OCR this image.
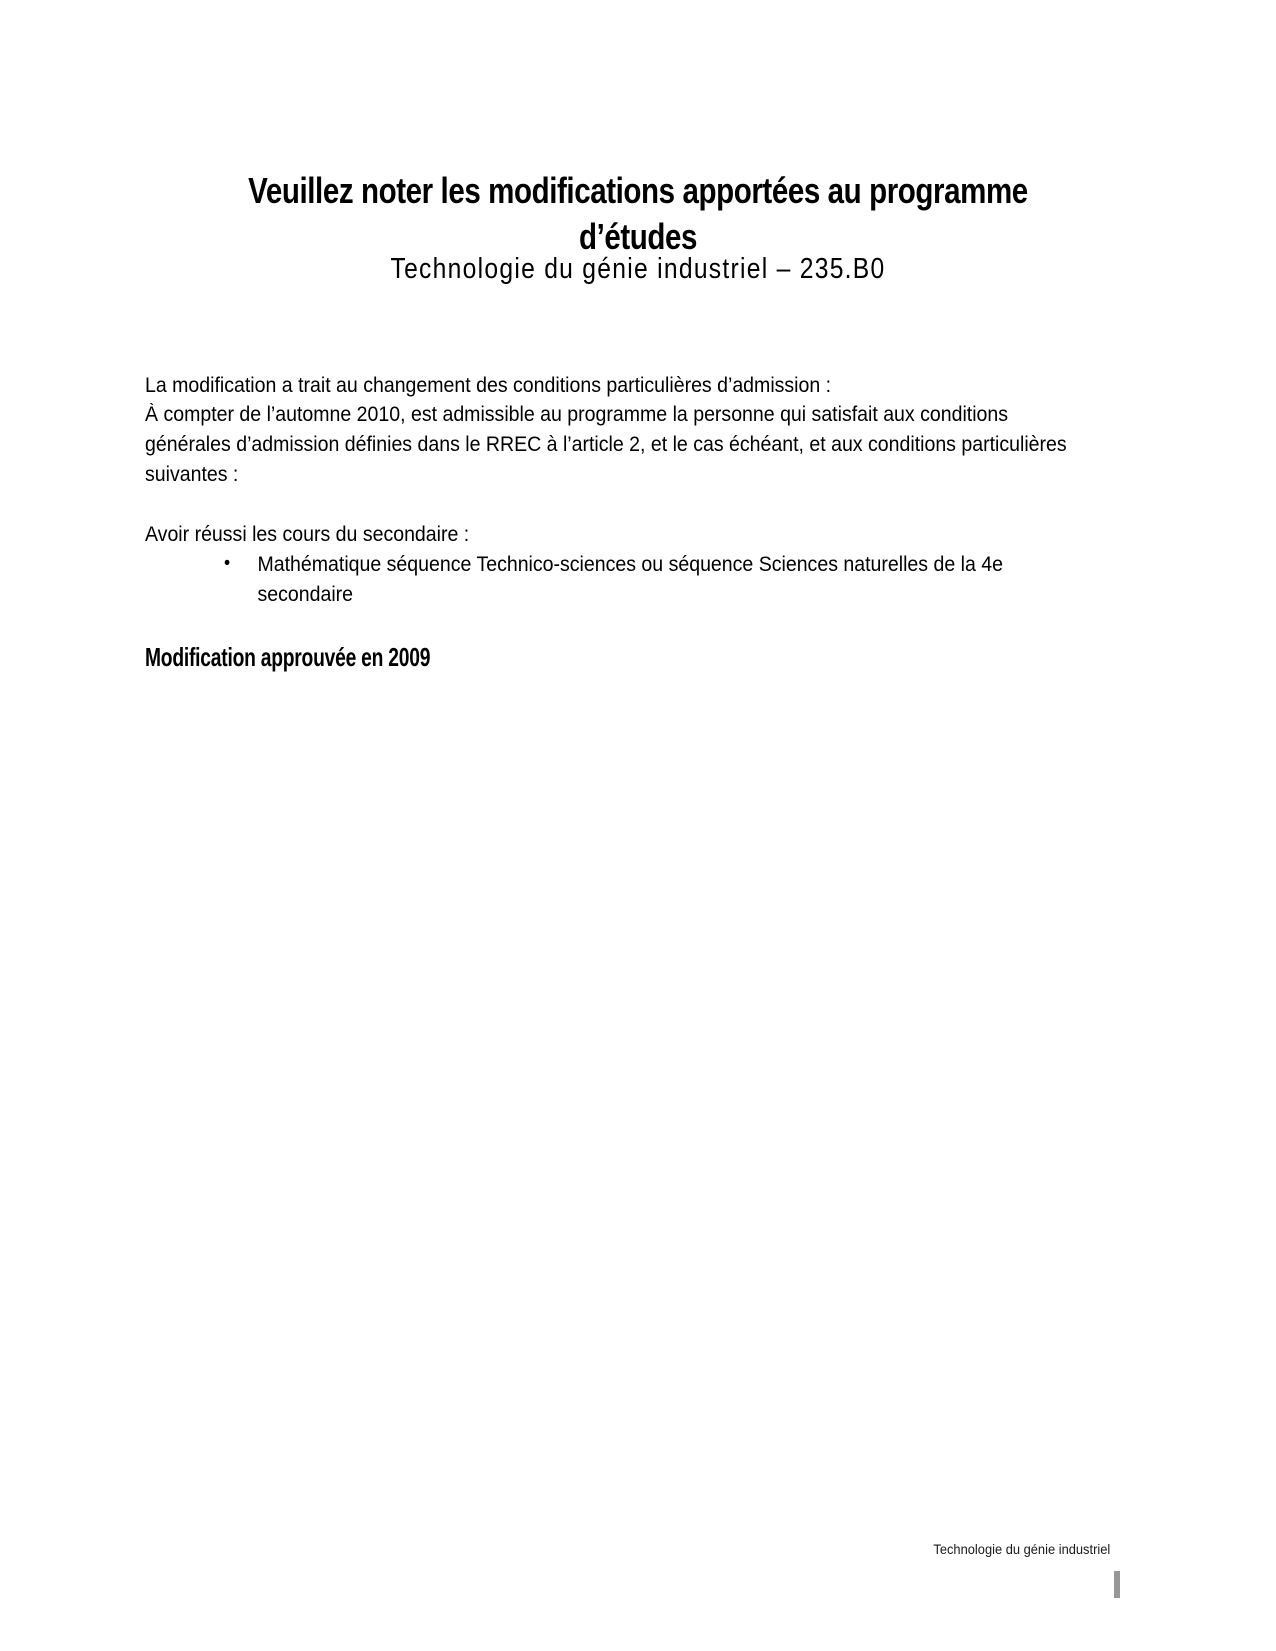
Veuillez noter les modifications apportées au programme
d’études
Technologie du génie industriel – 235.B0

La modification a trait au changement des conditions particulières d’admission :

À compter de l’automne 2010, est admissible au programme la personne qui satisfait aux conditions
générales d’admission définies dans le RREC à l’article 2, et le cas échéant, et aux conditions particulières
suivantes :

Avoir réussi les cours du secondaire :

• Mathématique séquence Technico-sciences ou séquence Sciences naturelles de la 4e
secondaire
Modification approuvée en 2009
Technologie du génie industriel
